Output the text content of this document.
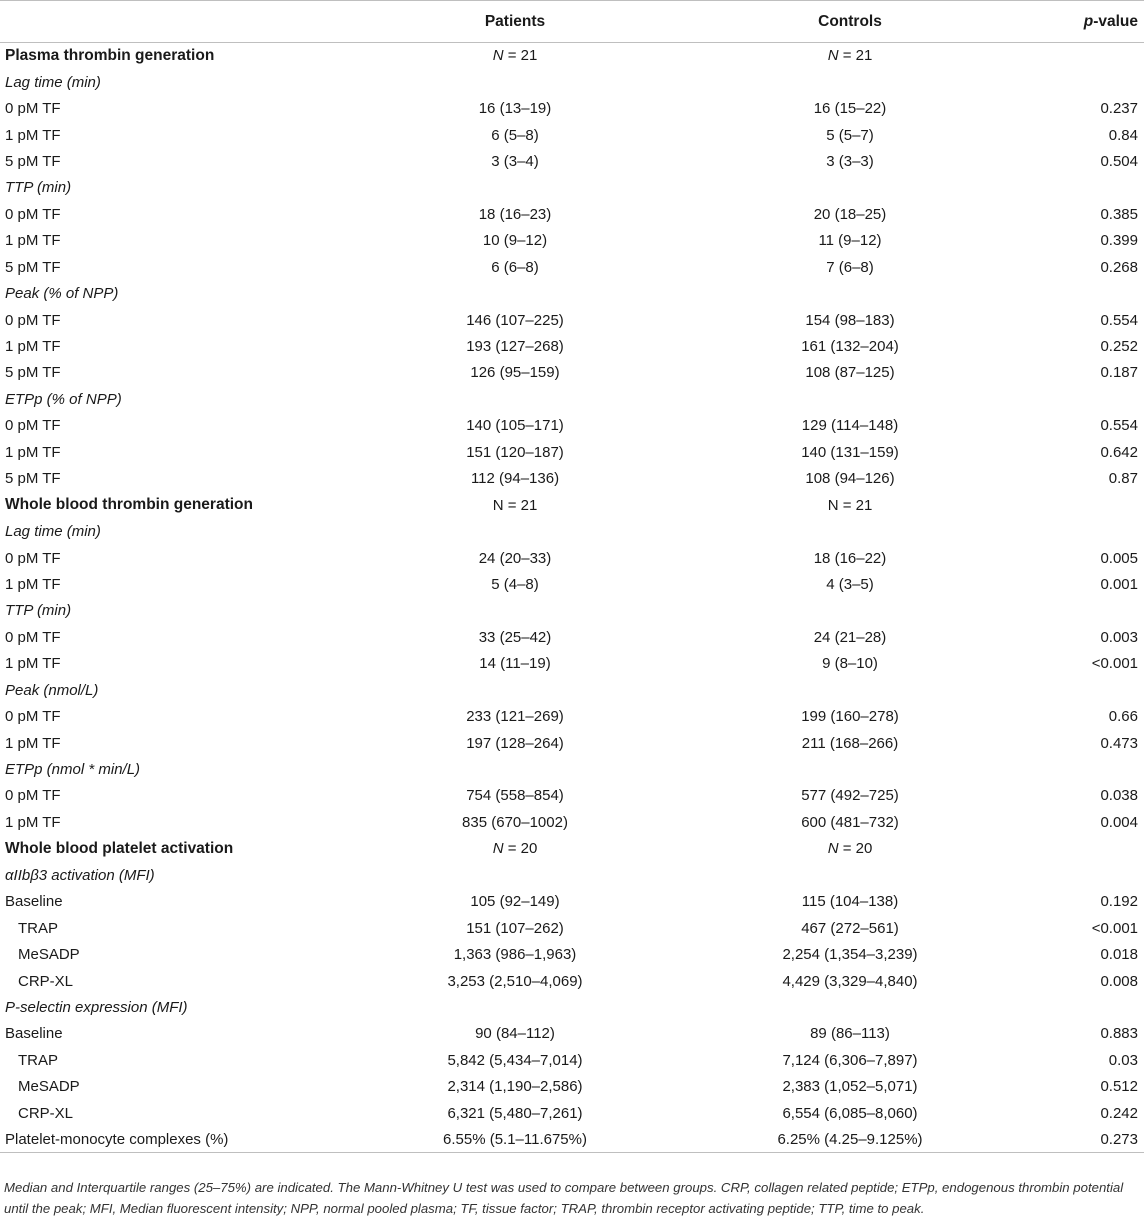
	Patients	Controls	p-value
Plasma thrombin generation	N = 21	N = 21	
Lag time (min)			
0 pM TF	16 (13–19)	16 (15–22)	0.237
1 pM TF	6 (5–8)	5 (5–7)	0.84
5 pM TF	3 (3–4)	3 (3–3)	0.504
TTP (min)			
0 pM TF	18 (16–23)	20 (18–25)	0.385
1 pM TF	10 (9–12)	11 (9–12)	0.399
5 pM TF	6 (6–8)	7 (6–8)	0.268
Peak (% of NPP)			
0 pM TF	146 (107–225)	154 (98–183)	0.554
1 pM TF	193 (127–268)	161 (132–204)	0.252
5 pM TF	126 (95–159)	108 (87–125)	0.187
ETPp (% of NPP)			
0 pM TF	140 (105–171)	129 (114–148)	0.554
1 pM TF	151 (120–187)	140 (131–159)	0.642
5 pM TF	112 (94–136)	108 (94–126)	0.87
Whole blood thrombin generation	N = 21	N = 21	
Lag time (min)			
0 pM TF	24 (20–33)	18 (16–22)	0.005
1 pM TF	5 (4–8)	4 (3–5)	0.001
TTP (min)			
0 pM TF	33 (25–42)	24 (21–28)	0.003
1 pM TF	14 (11–19)	9 (8–10)	<0.001
Peak (nmol/L)			
0 pM TF	233 (121–269)	199 (160–278)	0.66
1 pM TF	197 (128–264)	211 (168–266)	0.473
ETPp (nmol * min/L)			
0 pM TF	754 (558–854)	577 (492–725)	0.038
1 pM TF	835 (670–1002)	600 (481–732)	0.004
Whole blood platelet activation	N = 20	N = 20	
αIIbβ3 activation (MFI)			
Baseline	105 (92–149)	115 (104–138)	0.192
TRAP	151 (107–262)	467 (272–561)	<0.001
MeSADP	1,363 (986–1,963)	2,254 (1,354–3,239)	0.018
CRP-XL	3,253 (2,510–4,069)	4,429 (3,329–4,840)	0.008
P-selectin expression (MFI)			
Baseline	90 (84–112)	89 (86–113)	0.883
TRAP	5,842 (5,434–7,014)	7,124 (6,306–7,897)	0.03
MeSADP	2,314 (1,190–2,586)	2,383 (1,052–5,071)	0.512
CRP-XL	6,321 (5,480–7,261)	6,554 (6,085–8,060)	0.242
Platelet-monocyte complexes (%)	6.55% (5.1–11.675%)	6.25% (4.25–9.125%)	0.273
Median and Interquartile ranges (25–75%) are indicated. The Mann-Whitney U test was used to compare between groups. CRP, collagen related peptide; ETPp, endogenous thrombin potential until the peak; MFI, Median fluorescent intensity; NPP, normal pooled plasma; TF, tissue factor; TRAP, thrombin receptor activating peptide; TTP, time to peak.
